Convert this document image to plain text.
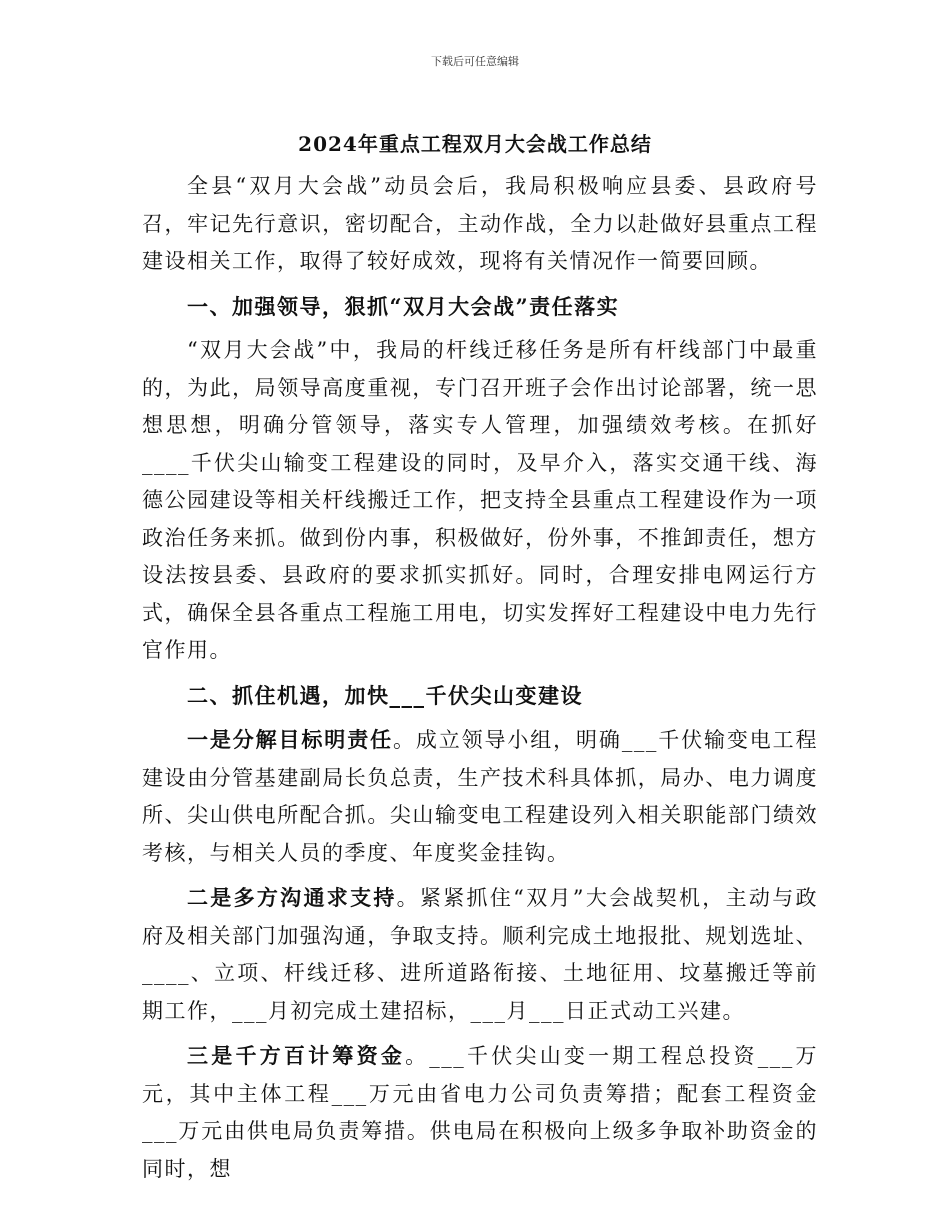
下载后可任意编辑
2024年重点工程双月大会战工作总结

全县“双月大会战”动员会后，我局积极响应县委、县政府号召，牢记先行意识，密切配合，主动作战，全力以赴做好县重点工程建设相关工作，取得了较好成效，现将有关情况作一简要回顾。

一、加强领导，狠抓“双月大会战”责任落实

“双月大会战”中，我局的杆线迁移任务是所有杆线部门中最重的，为此，局领导高度重视，专门召开班子会作出讨论部署，统一思想思想，明确分管领导，落实专人管理，加强绩效考核。在抓好____千伏尖山输变工程建设的同时，及早介入，落实交通干线、海德公园建设等相关杆线搬迁工作，把支持全县重点工程建设作为一项政治任务来抓。做到份内事，积极做好，份外事，不推卸责任，想方设法按县委、县政府的要求抓实抓好。同时，合理安排电网运行方式，确保全县各重点工程施工用电，切实发挥好工程建设中电力先行官作用。

二、抓住机遇，加快___千伏尖山变建设

一是分解目标明责任。成立领导小组，明确___千伏输变电工程建设由分管基建副局长负总责，生产技术科具体抓，局办、电力调度所、尖山供电所配合抓。尖山输变电工程建设列入相关职能部门绩效考核，与相关人员的季度、年度奖金挂钩。

二是多方沟通求支持。紧紧抓住“双月”大会战契机，主动与政府及相关部门加强沟通，争取支持。顺利完成土地报批、规划选址、____、立项、杆线迁移、进所道路衔接、土地征用、坟墓搬迁等前期工作，___月初完成土建招标，___月___日正式动工兴建。

三是千方百计筹资金。___千伏尖山变一期工程总投资___万元，其中主体工程___万元由省电力公司负责筹措；配套工程资金___万元由供电局负责筹措。供电局在积极向上级多争取补助资金的同时，想
